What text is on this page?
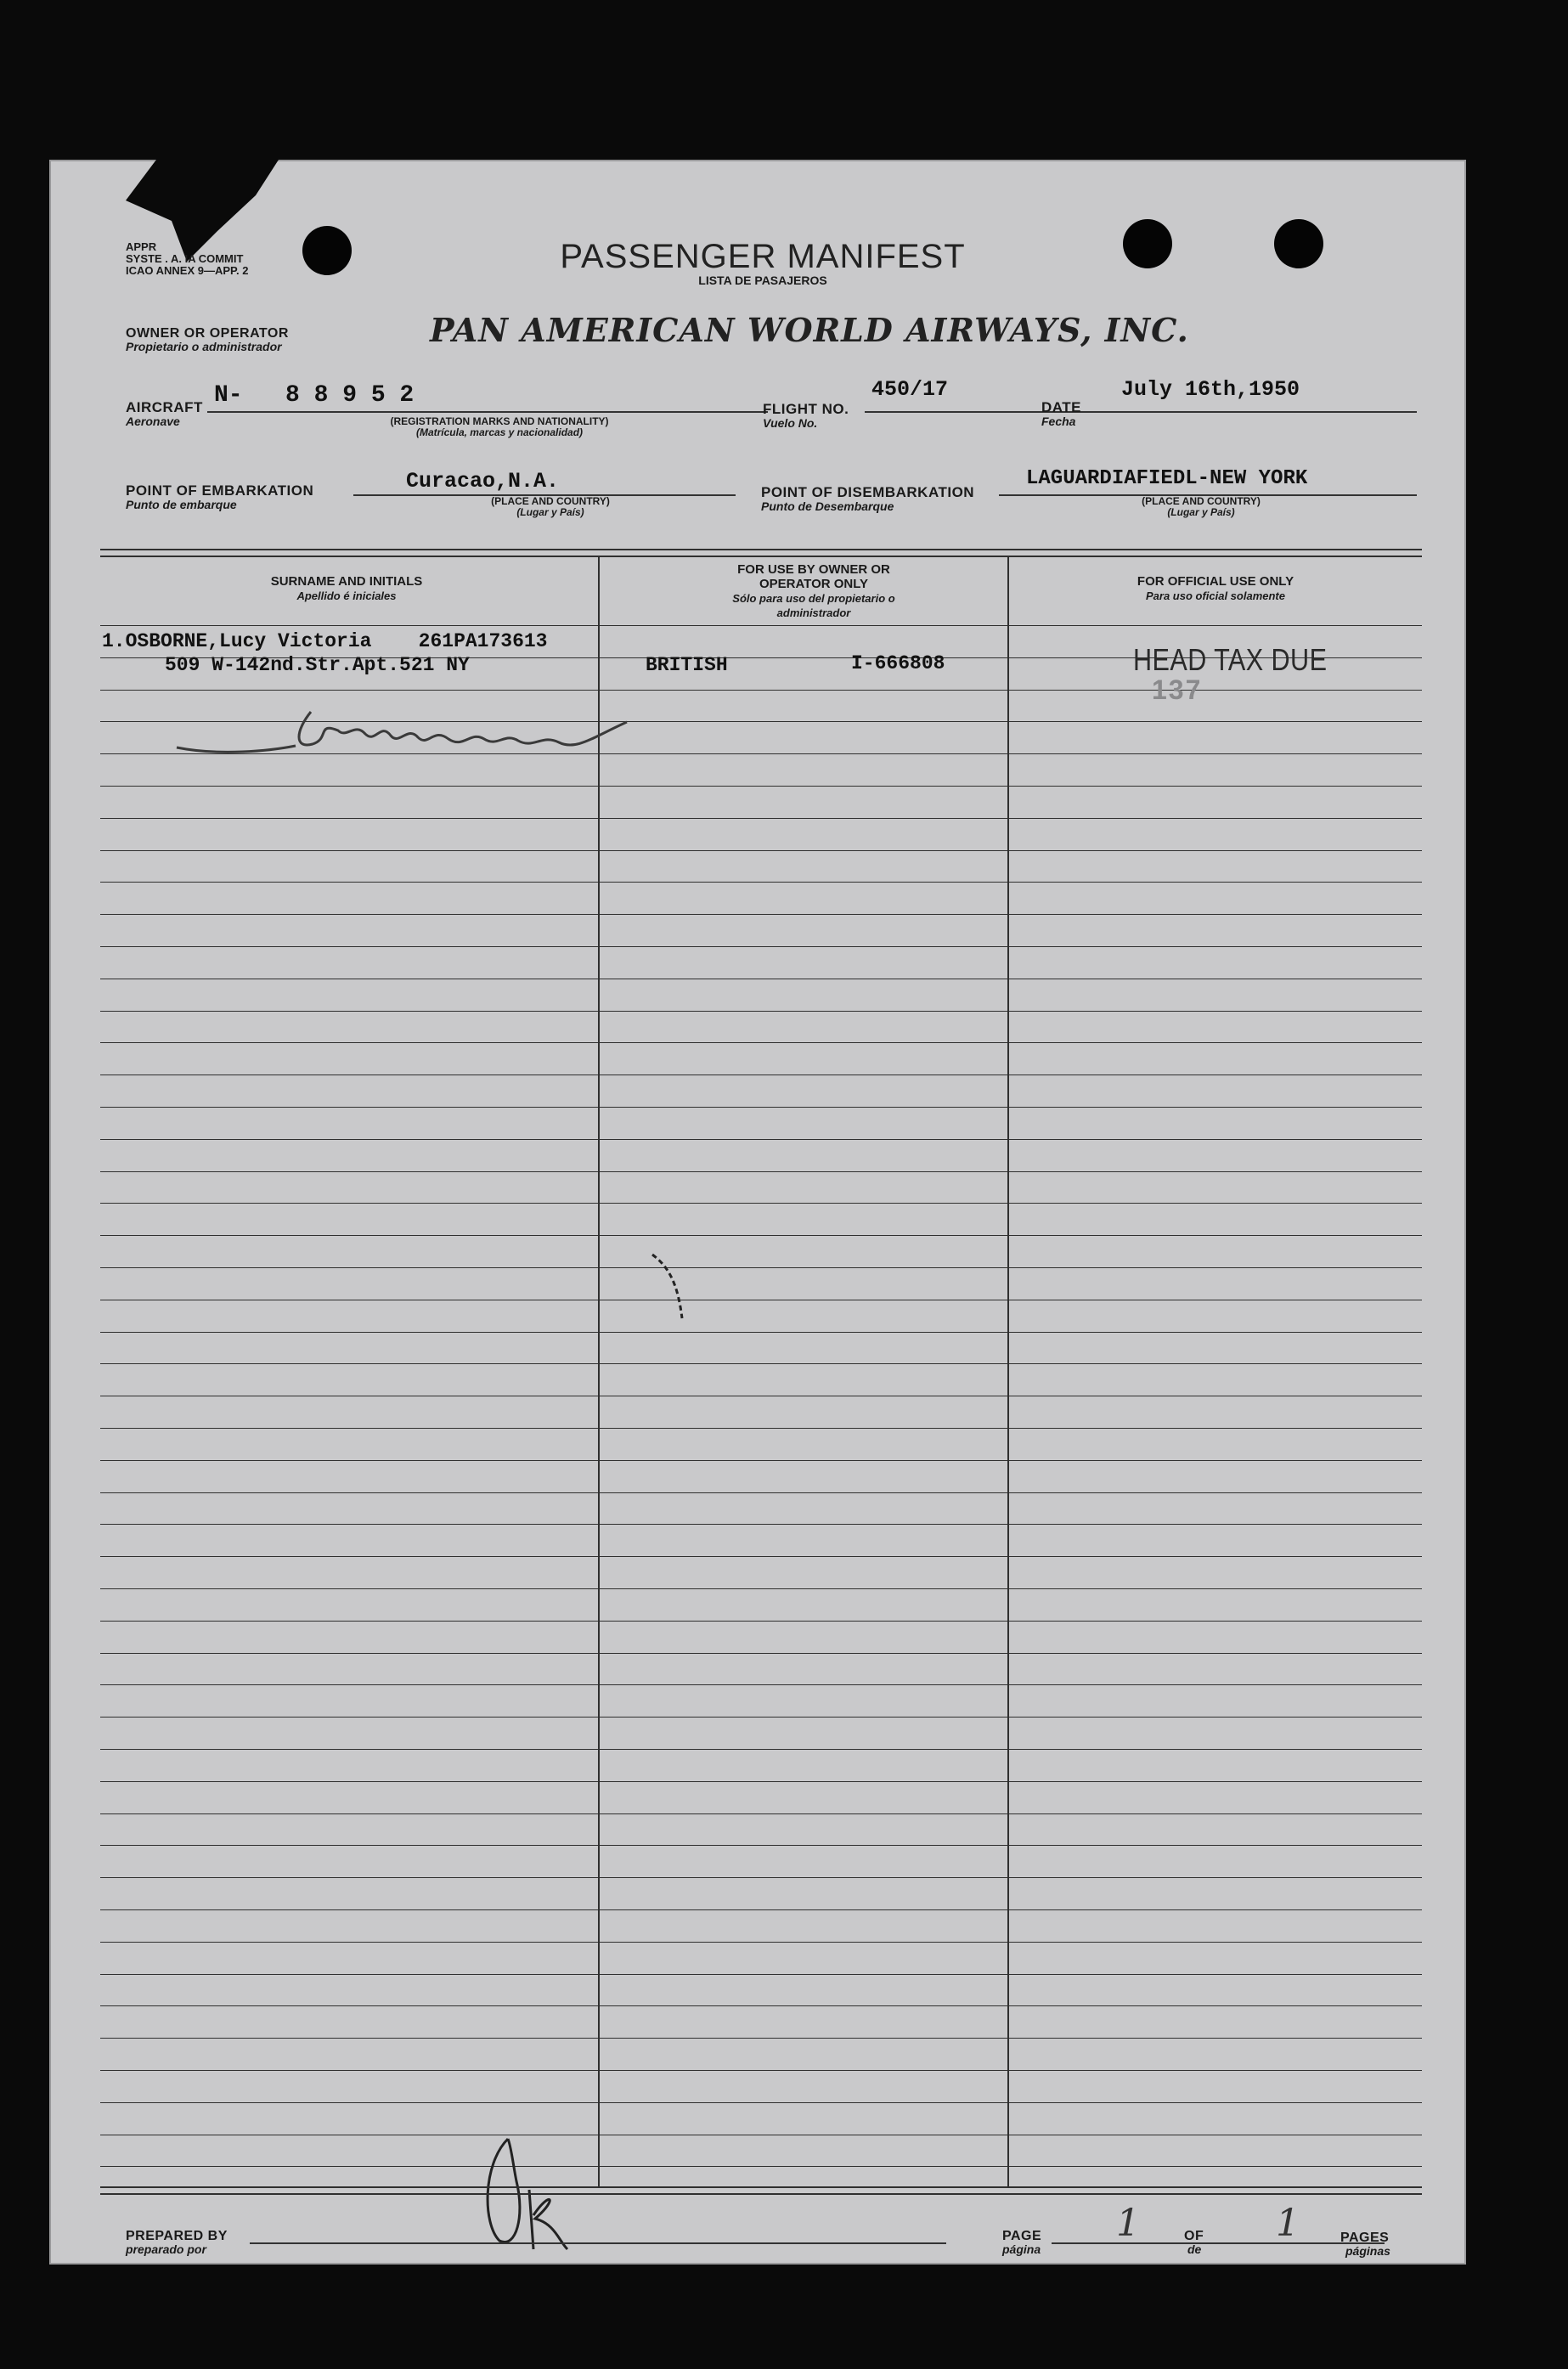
APPR
SYSTE . A. IA COMMIT
ICAO ANNEX 9—APP. 2	PASSENGER MANIFEST
LISTA DE PASAJEROS
OWNER OR OPERATOR
Propietario o administrador	PAN AMERICAN WORLD AIRWAYS, INC.
AIRCRAFT
Aeronave
N-   8 8 9 5 2
(REGISTRATION MARKS AND NATIONALITY)
(Matrícula, marcas y nacionalidad)
FLIGHT NO.
Vuelo No.
450/17
DATE
Fecha
July 16th,1950
POINT OF EMBARKATION
Punto de embarque
Curacao,N.A.
(PLACE AND COUNTRY)
(Lugar y País)
POINT OF DISEMBARKATION
Punto de Desembarque
LAGUARDIAFIEDL-NEW YORK
(PLACE AND COUNTRY)
(Lugar y País)
SURNAME AND INITIALS
Apellido é iniciales
FOR USE BY OWNER OR OPERATOR ONLY
Sólo para uso del propietario o administrador
FOR OFFICIAL USE ONLY
Para uso oficial solamente
1.OSBORNE,Lucy Victoria    261PA173613
509 W-142nd.Str.Apt.521 NY	BRITISH	I-666808	HEAD TAX DUE
137
PREPARED BY
preparado por
PAGE
página
1	OF
de
1	PAGES
páginas
